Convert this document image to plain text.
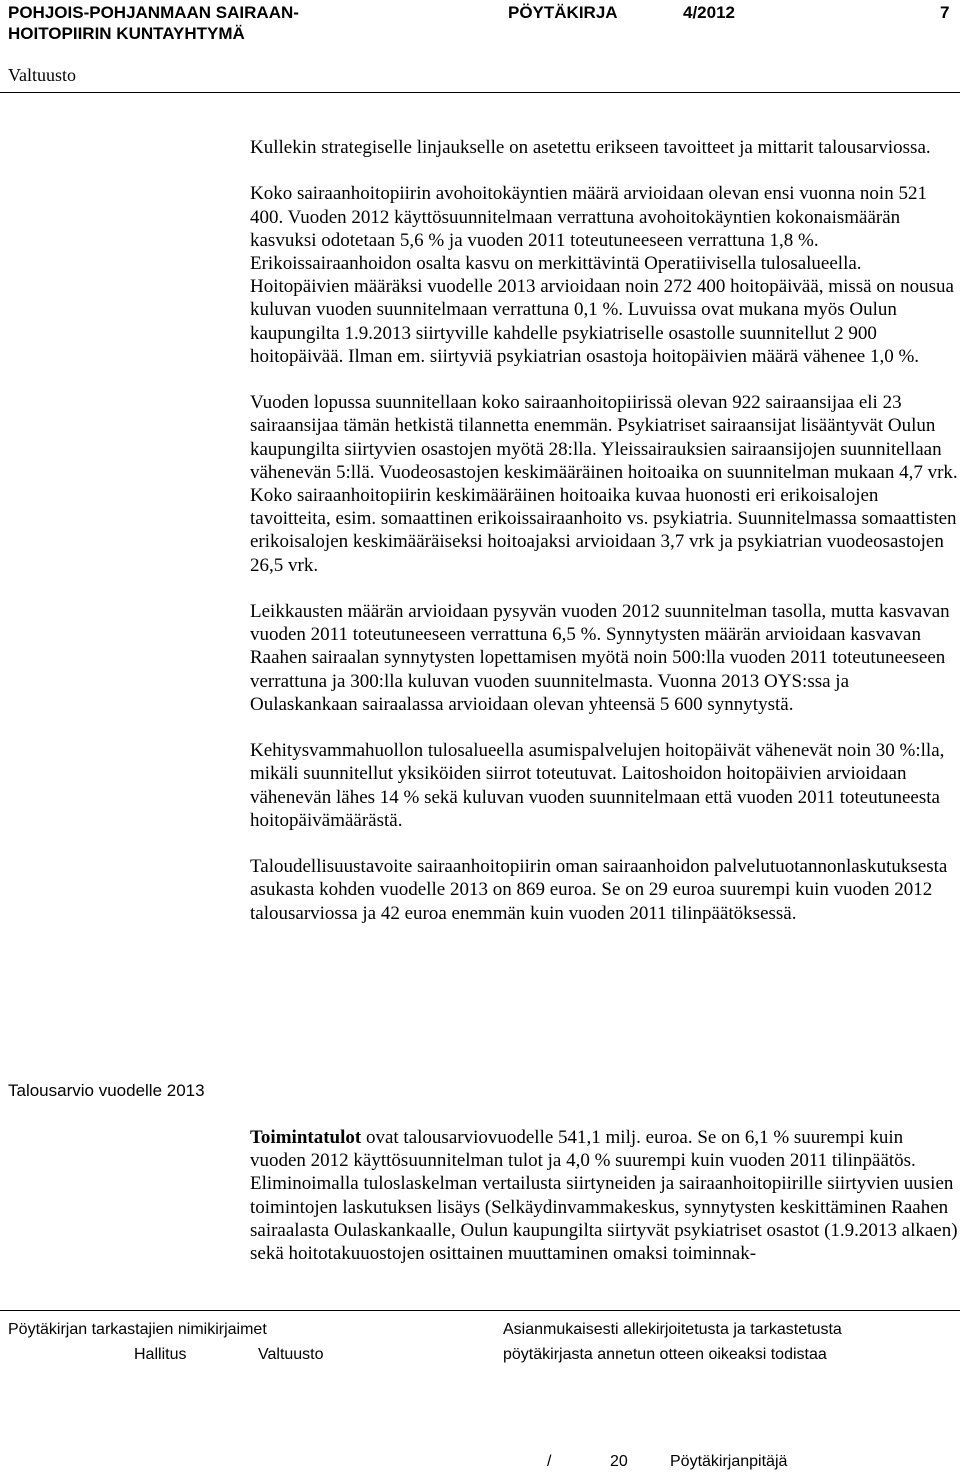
POHJOIS-POHJANMAAN SAIRAAN-
HOITOPIIRIN KUNTAYHTYMÄ
PÖYTÄKIRJA	4/2012	7
Valtuusto

Kullekin strategiselle linjaukselle on asetettu erikseen tavoitteet ja mittarit talousarviossa.

Koko sairaanhoitopiirin avohoitokäyntien määrä arvioidaan olevan ensi vuonna noin 521 400. Vuoden 2012 käyttösuunnitelmaan verrattuna avohoitokäyntien kokonaismäärän kasvuksi odotetaan 5,6 % ja vuoden 2011 toteutuneeseen verrattuna 1,8 %. Erikoissairaanhoidon osalta kasvu on merkittävintä Operatiivisella tulosalueella. Hoitopäivien määräksi vuodelle 2013 arvioidaan noin 272 400 hoitopäivää, missä on nousua kuluvan vuoden suunnitelmaan verrattuna 0,1 %. Luvuissa ovat mukana myös Oulun kaupungilta 1.9.2013 siirtyville kahdelle psykiatriselle osastolle suunnitellut 2 900 hoitopäivää. Ilman em. siirtyviä psykiatrian osastoja hoitopäivien määrä vähenee 1,0 %.

Vuoden lopussa suunnitellaan koko sairaanhoitopiirissä olevan 922 sairaansijaa eli 23 sairaansijaa tämän hetkistä tilannetta enemmän. Psykiatriset sairaansijat lisääntyvät Oulun kaupungilta siirtyvien osastojen myötä 28:lla. Yleissairauksien sairaansijojen suunnitellaan vähenevän 5:llä. Vuodeosastojen keskimääräinen hoitoaika on suunnitelman mukaan 4,7 vrk. Koko sairaanhoitopiirin keskimääräinen hoitoaika kuvaa huonosti eri erikoisalojen tavoitteita, esim. somaattinen erikoissairaanhoito vs. psykiatria. Suunnitelmassa somaattisten erikoisalojen keskimääräiseksi hoitoajaksi arvioidaan 3,7 vrk ja psykiatrian vuodeosastojen 26,5 vrk.

Leikkausten määrän arvioidaan pysyvän vuoden 2012 suunnitelman tasolla, mutta kasvavan vuoden 2011 toteutuneeseen verrattuna 6,5 %. Synnytysten määrän arvioidaan kasvavan Raahen sairaalan synnytysten lopettamisen myötä noin 500:lla vuoden 2011 toteutuneeseen verrattuna ja 300:lla kuluvan vuoden suunnitelmasta. Vuonna 2013 OYS:ssa ja Oulaskankaan sairaalassa arvioidaan olevan yhteensä 5 600 synnytystä.

Kehitysvammahuollon tulosalueella asumispalvelujen hoitopäivät vähenevät noin 30 %:lla, mikäli suunnitellut yksiköiden siirrot toteutuvat. Laitoshoidon hoitopäivien arvioidaan vähenevän lähes 14 % sekä kuluvan vuoden suunnitelmaan että vuoden 2011 toteutuneesta hoitopäivämäärästä.

Taloudellisuustavoite sairaanhoitopiirin oman sairaanhoidon palvelutuotannonlaskutuksesta asukasta kohden vuodelle 2013 on 869 euroa. Se on 29 euroa suurempi kuin vuoden 2012 talousarviossa ja 42 euroa enemmän kuin vuoden 2011 tilinpäätöksessä.

Talousarvio vuodelle 2013

Toimintatulot ovat talousarviovuodelle 541,1 milj. euroa. Se on 6,1 % suurempi kuin vuoden 2012 käyttösuunnitelman tulot ja 4,0 % suurempi kuin vuoden 2011 tilinpäätös. Eliminoimalla tuloslaskelman vertailusta siirtyneiden ja sairaanhoitopiirille siirtyvien uusien toimintojen laskutuksen lisäys (Selkäydinvammakeskus, synnytysten keskittäminen Raahen sairaalasta Oulaskankaalle, Oulun kaupungilta siirtyvät psykiatriset osastot (1.9.2013 alkaen) sekä hoitotakuuostojen osittainen muuttaminen omaksi toiminnak-

Pöytäkirjan tarkastajien nimikirjaimet
Hallitus	Valtuusto
Asianmukaisesti allekirjoitetusta ja tarkastetusta
pöytäkirjasta annetun otteen oikeaksi todistaa
/	20	Pöytäkirjanpitäjä
